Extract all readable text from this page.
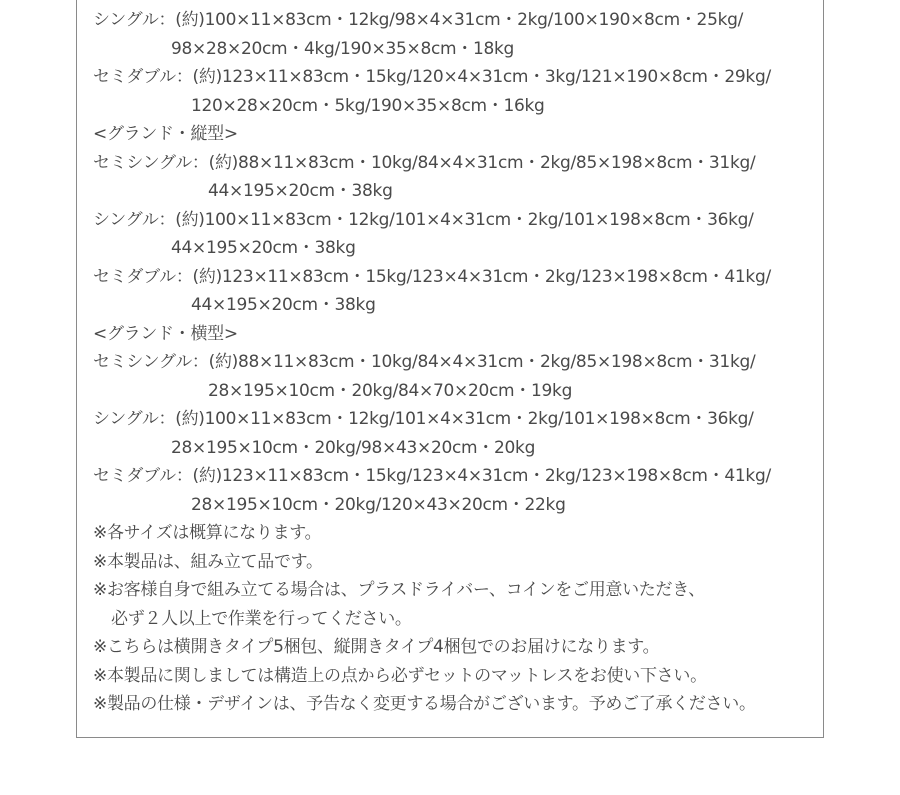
シングル： (約)100×11×83cm・12kg/98×4×31cm・2kg/100×190×8cm・25kg/
98×28×20cm・4kg/190×35×8cm・18kg
セミダブル： (約)123×11×83cm・15kg/120×4×31cm・3kg/121×190×8cm・29kg/
120×28×20cm・5kg/190×35×8cm・16kg
<グランド・縦型>
セミシングル： (約)88×11×83cm・10kg/84×4×31cm・2kg/85×198×8cm・31kg/
44×195×20cm・38kg
シングル： (約)100×11×83cm・12kg/101×4×31cm・2kg/101×198×8cm・36kg/
44×195×20cm・38kg
セミダブル： (約)123×11×83cm・15kg/123×4×31cm・2kg/123×198×8cm・41kg/
44×195×20cm・38kg
<グランド・横型>
セミシングル： (約)88×11×83cm・10kg/84×4×31cm・2kg/85×198×8cm・31kg/
28×195×10cm・20kg/84×70×20cm・19kg
シングル： (約)100×11×83cm・12kg/101×4×31cm・2kg/101×198×8cm・36kg/
28×195×10cm・20kg/98×43×20cm・20kg
セミダブル： (約)123×11×83cm・15kg/123×4×31cm・2kg/123×198×8cm・41kg/
28×195×10cm・20kg/120×43×20cm・22kg
※各サイズは概算になります。
※本製品は、組み立て品です。
※お客様自身で組み立てる場合は、プラスドライバー、コインをご用意いただき、
必ず２人以上で作業を行ってください。
※こちらは横開きタイプ5梱包、縦開きタイプ4梱包でのお届けになります。
※本製品に関しましては構造上の点から必ずセットのマットレスをお使い下さい。
※製品の仕様・デザインは、予告なく変更する場合がございます。予めご了承ください。
